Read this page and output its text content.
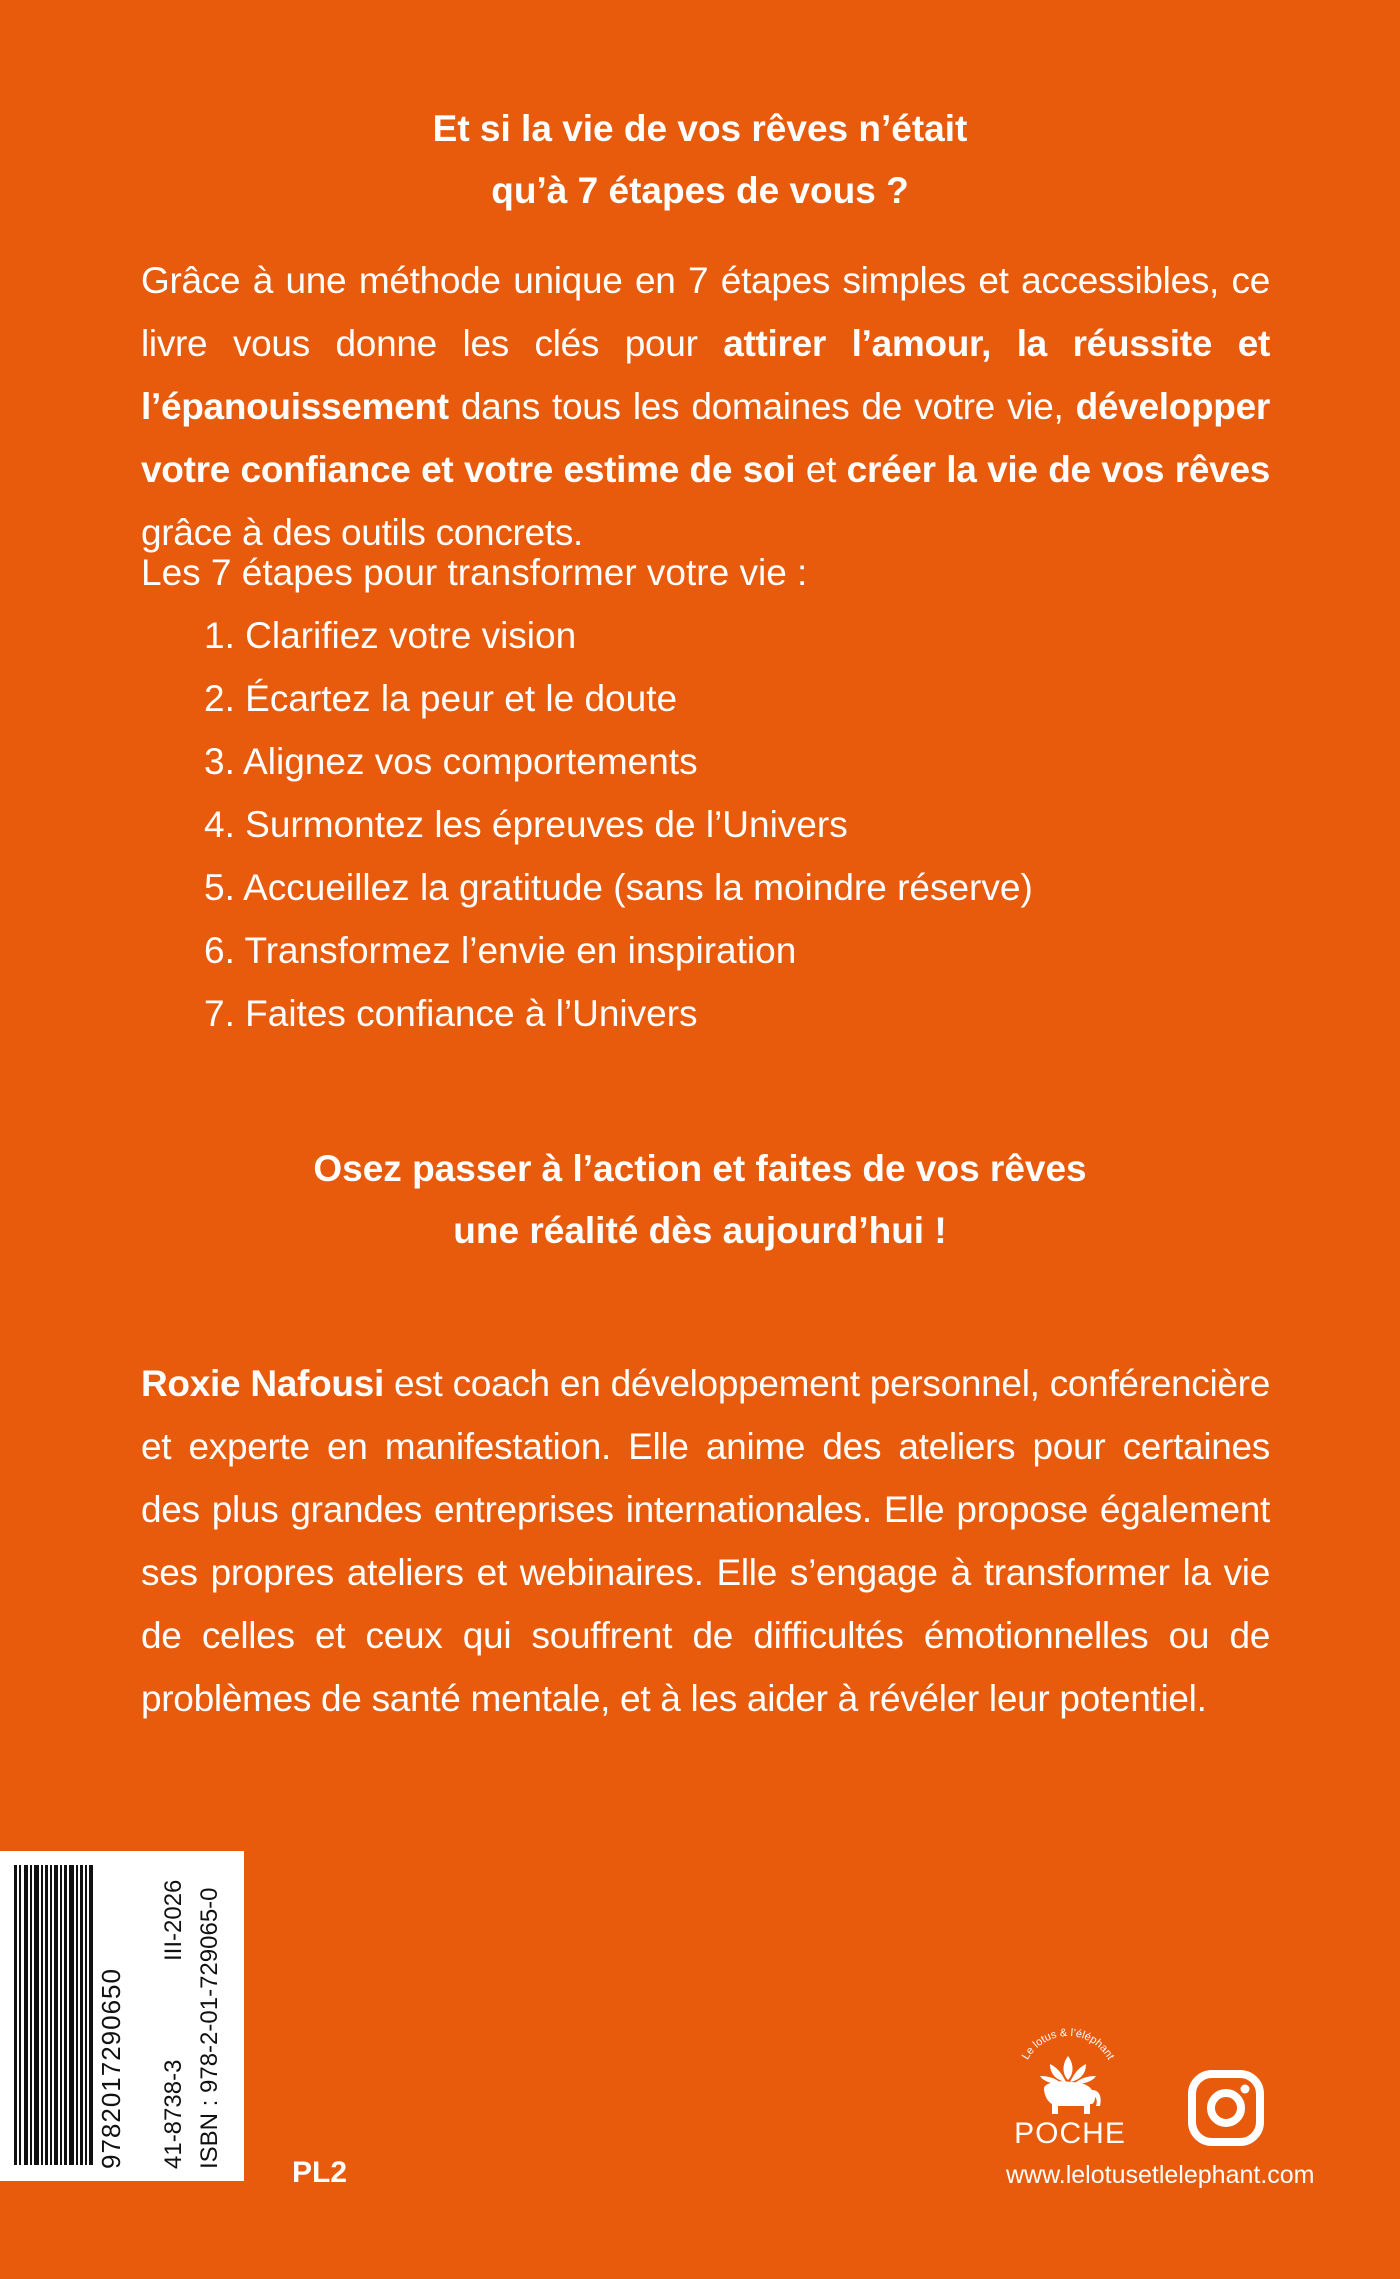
Et si la vie de vos rêves n’était
qu’à 7 étapes de vous ?

Grâce à une méthode unique en 7 étapes simples et accessibles, ce livre vous donne les clés pour attirer l’amour, la réussite et l’épanouissement dans tous les domaines de votre vie, développer votre confiance et votre estime de soi et créer la vie de vos rêves grâce à des outils concrets.

Les 7 étapes pour transformer votre vie :
1. Clarifiez votre vision
2. Écartez la peur et le doute
3. Alignez vos comportements
4. Surmontez les épreuves de l’Univers
5. Accueillez la gratitude (sans la moindre réserve)
6. Transformez l’envie en inspiration
7. Faites confiance à l’Univers
Osez passer à l’action et faites de vos rêves
une réalité dès aujourd’hui !

Roxie Nafousi est coach en développement personnel, conférencière et experte en manifestation. Elle anime des ateliers pour certaines des plus grandes entreprises internationales. Elle propose également ses propres ateliers et webinaires. Elle s’engage à transformer la vie de celles et ceux qui souffrent de difficultés émotionnelles ou de problèmes de santé mentale, et à les aider à révéler leur potentiel.

9782017290650 41-8738-3
III-2026 ISBN : 978-2-01-729065-0
PL2
Le lotus & l’éléphant
POCHE
www.lelotusetlelephant.com
